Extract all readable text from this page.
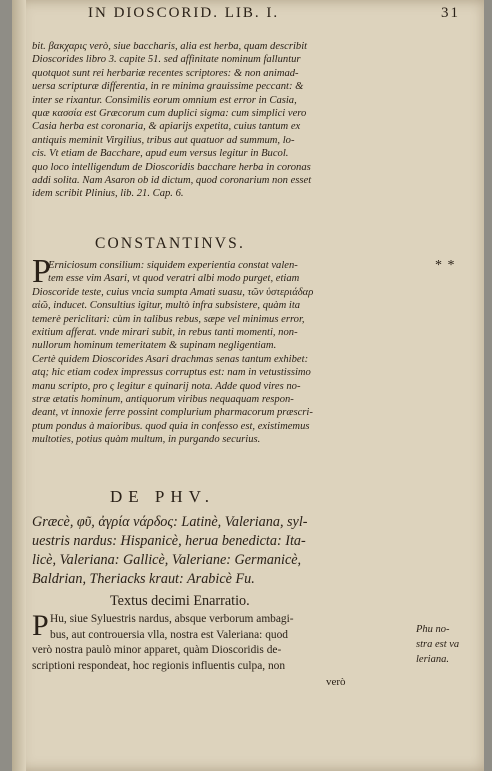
IN DIOSCORID. LIB. I.	31
bit. βακχαρις verò, siue baccharis, alia est herba, quam describit
Dioscorides libro 3. capite 51. sed affinitate nominum falluntur
quotquot sunt rei herbariæ recentes scriptores: & non animad-
uersa scripturæ differentia, in re minima grauissime peccant: &
inter se rixantur. Consimilis eorum omnium est error in Casia,
quæ κασσία est Græcorum cum duplici sigma: cum simplici vero
Casia herba est coronaria, & apiarijs expetita, cuius tantum ex
antiquis meminit Virgilius, tribus aut quatuor ad summum, lo-
cis. Vt etiam de Bacchare, apud eum versus legitur in Bucol.
quo loco intelligendum de Dioscoridis bacchare herba in coronas
addi solita. Nam Asaron ob id dictum, quod coronarium non esset
idem scribit Plinius, lib. 21. Cap. 6.
CONSTANTINVS.
* *
P
Erniciosum consilium: siquidem experientia constat valen-
tem esse vim Asari, vt quod veratri albi modo purget, etiam
Dioscoride teste, cuius vncia sumpta Amati suasu, τῶν ὑστεριάδαρ
αἰῶ, inducet. Consultius igitur, multò infra subsistere, quàm ita
temerè periclitari: cùm in talibus rebus, sæpe vel minimus error,
exitium afferat. vnde mirari subit, in rebus tanti momenti, non-
nullorum hominum temeritatem & supinam negligentiam.
Certè quidem Dioscorides Asari drachmas senas tantum exhibet:
atq; hic etiam codex impressus corruptus est: nam in vetustissimo
manu scripto, pro ς legitur ε quinarij nota. Adde quod vires no-
stræ ætatis hominum, antiquorum viribus nequaquam respon-
deant, vt innoxie ferre possint complurium pharmacorum præscri-
ptum pondus à maioribus. quod quia in confesso est, existimemus
multoties, potius quàm multum, in purgando securius.
DE PHV.
Græcè, φῦ, ἀγρία νάρδος: Latinè, Valeriana, syl-
uestris nardus: Hispanicè, herua benedicta: Ita-
licè, Valeriana: Gallicè, Valeriane: Germanicè,
Baldrian, Theriacks kraut: Arabicè Fu.
Textus decimi Enarratio.
P Hu, siue Syluestris nardus, absque verborum ambagi-
bus, aut controuersia vlla, nostra est Valeriana: quod
verò nostra paulò minor apparet, quàm Dioscoridis de-
scriptioni respondeat, hoc regionis influentis culpa, non
Phu no-
stra est va
leriana.
verò
